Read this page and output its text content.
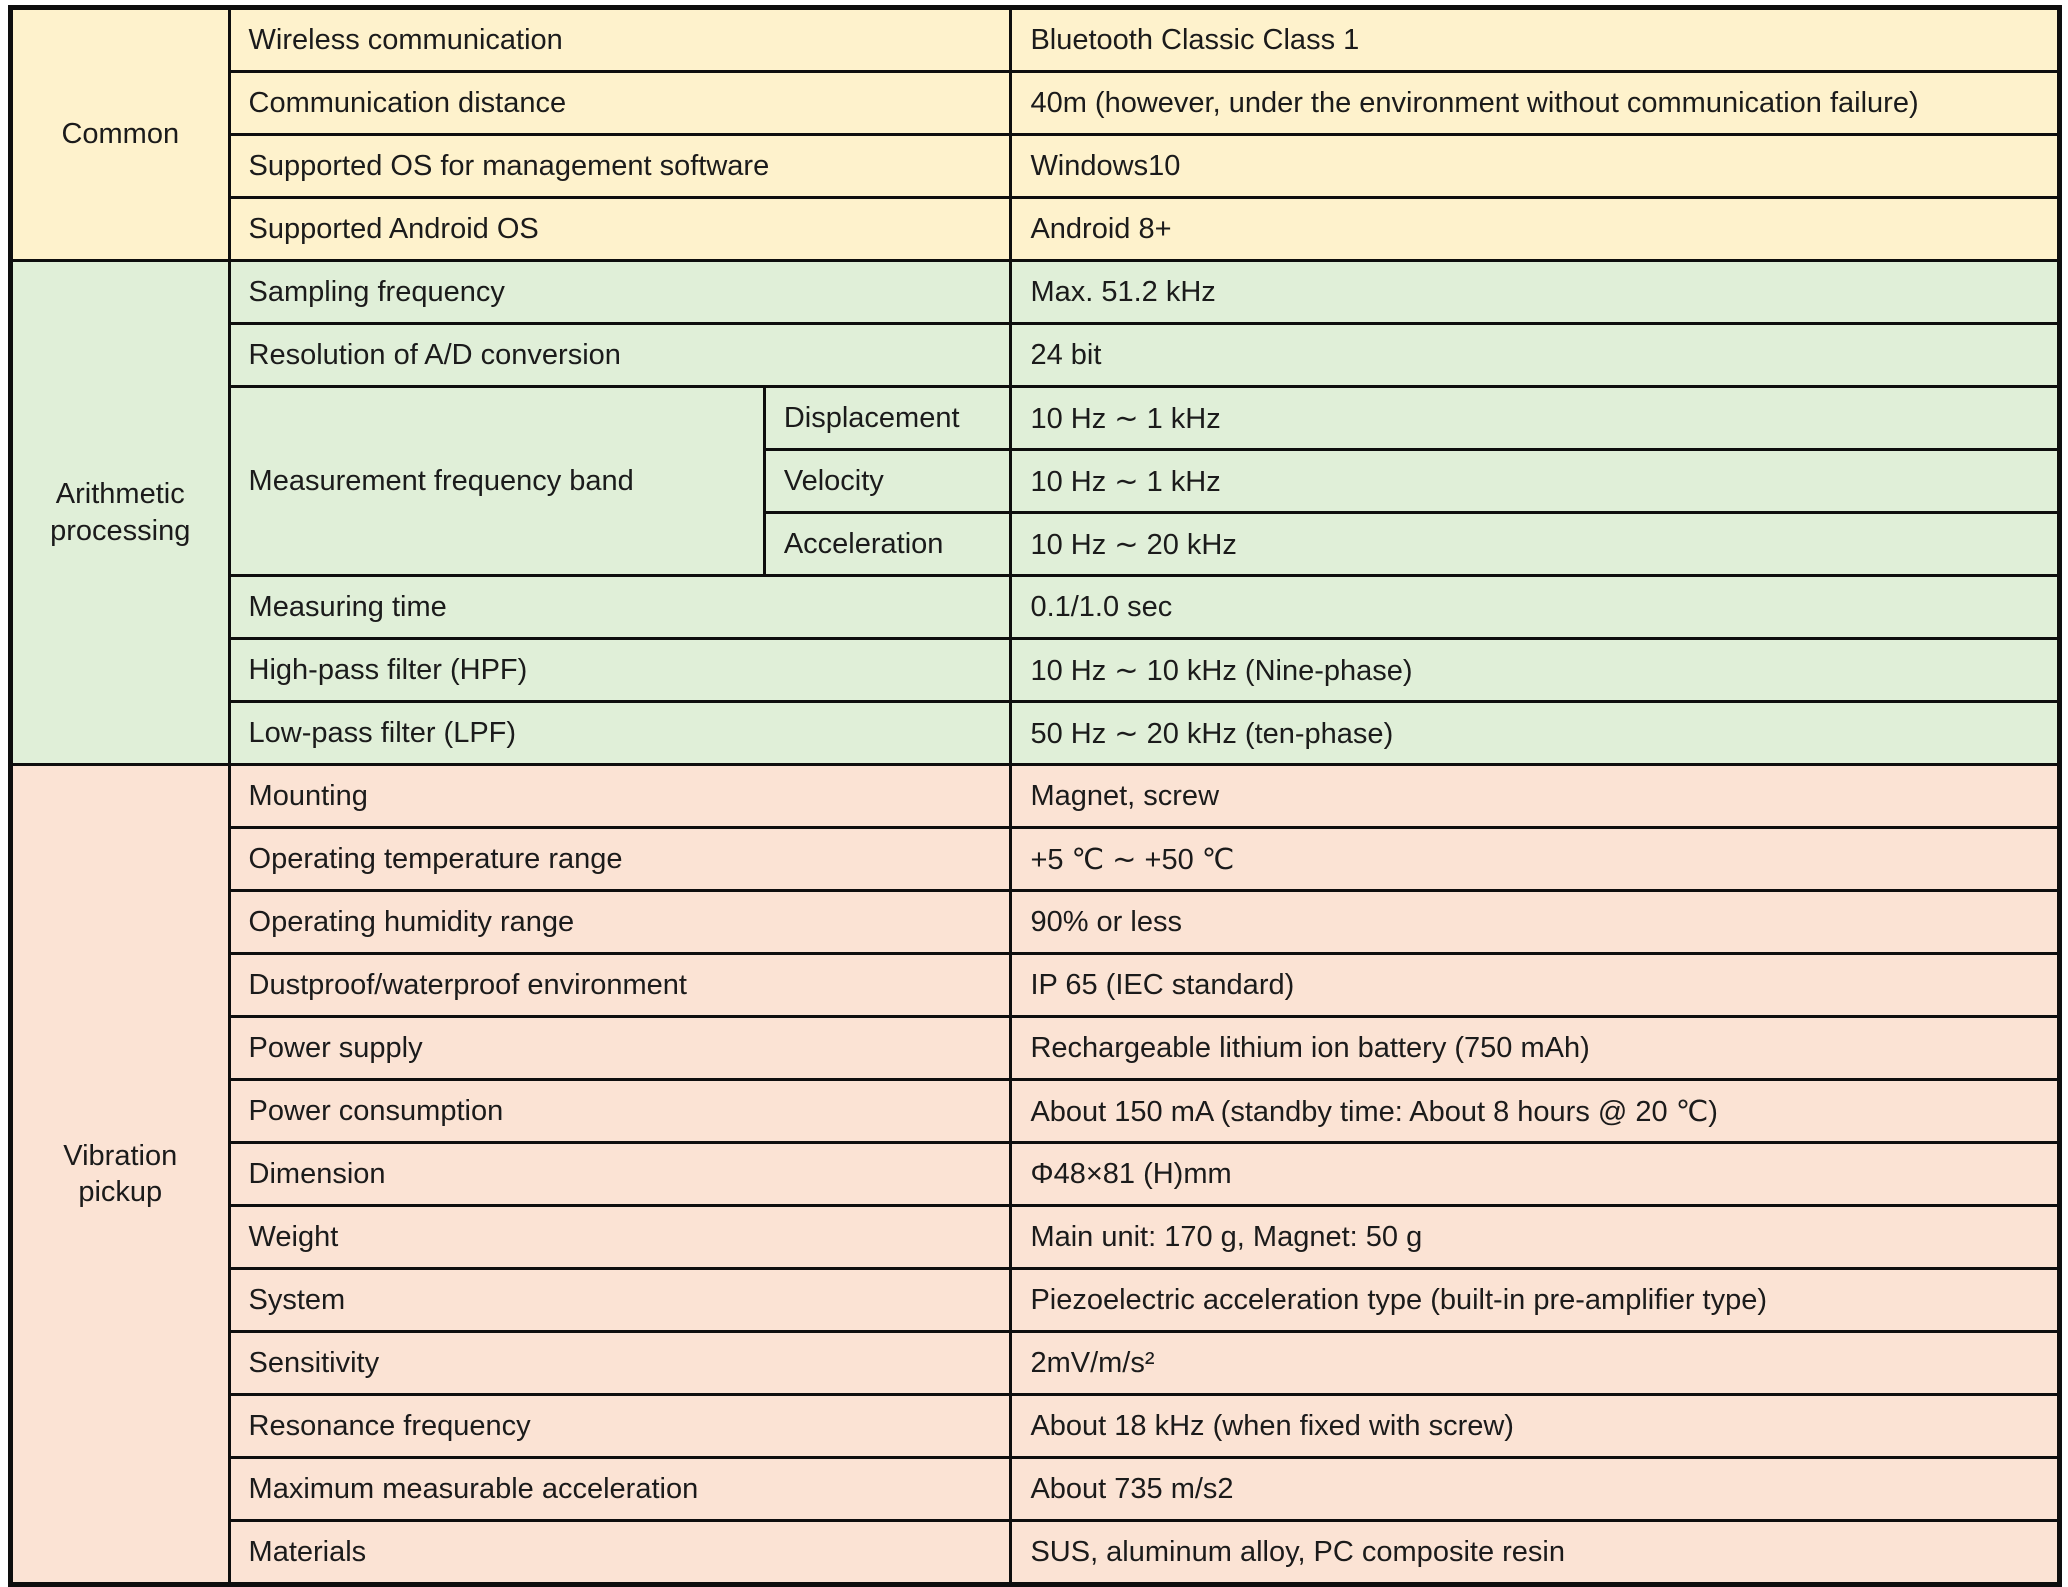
Common	Wireless communication		Bluetooth Classic Class 1
	Communication distance		40m (however, under the environment without communication failure)
	Supported OS for management software		Windows10
	Supported Android OS		Android 8+
Arithmetic processing	Sampling frequency		Max. 51.2 kHz
	Resolution of A/D conversion		24 bit
	Measurement frequency band	Displacement	10 Hz ∼ 1 kHz
		Velocity	10 Hz ∼ 1 kHz
		Acceleration	10 Hz ∼ 20 kHz
	Measuring time		0.1/1.0 sec
	High-pass filter (HPF)		10 Hz ∼ 10 kHz (Nine-phase)
	Low-pass filter (LPF)		50 Hz ∼ 20 kHz (ten-phase)
Vibration pickup	Mounting		Magnet, screw
	Operating temperature range		+5 ℃ ∼ +50 ℃
	Operating humidity range		90% or less
	Dustproof/waterproof environment		IP 65 (IEC standard)
	Power supply		Rechargeable lithium ion battery (750 mAh)
	Power consumption		About 150 mA (standby time: About 8 hours @ 20 ℃)
	Dimension		Φ48×81 (H)mm
	Weight		Main unit: 170 g, Magnet: 50 g
	System		Piezoelectric acceleration type (built-in pre-amplifier type)
	Sensitivity		2mV/m/s²
	Resonance frequency		About 18 kHz (when fixed with screw)
	Maximum measurable acceleration		About 735 m/s2
	Materials		SUS, aluminum alloy, PC composite resin
